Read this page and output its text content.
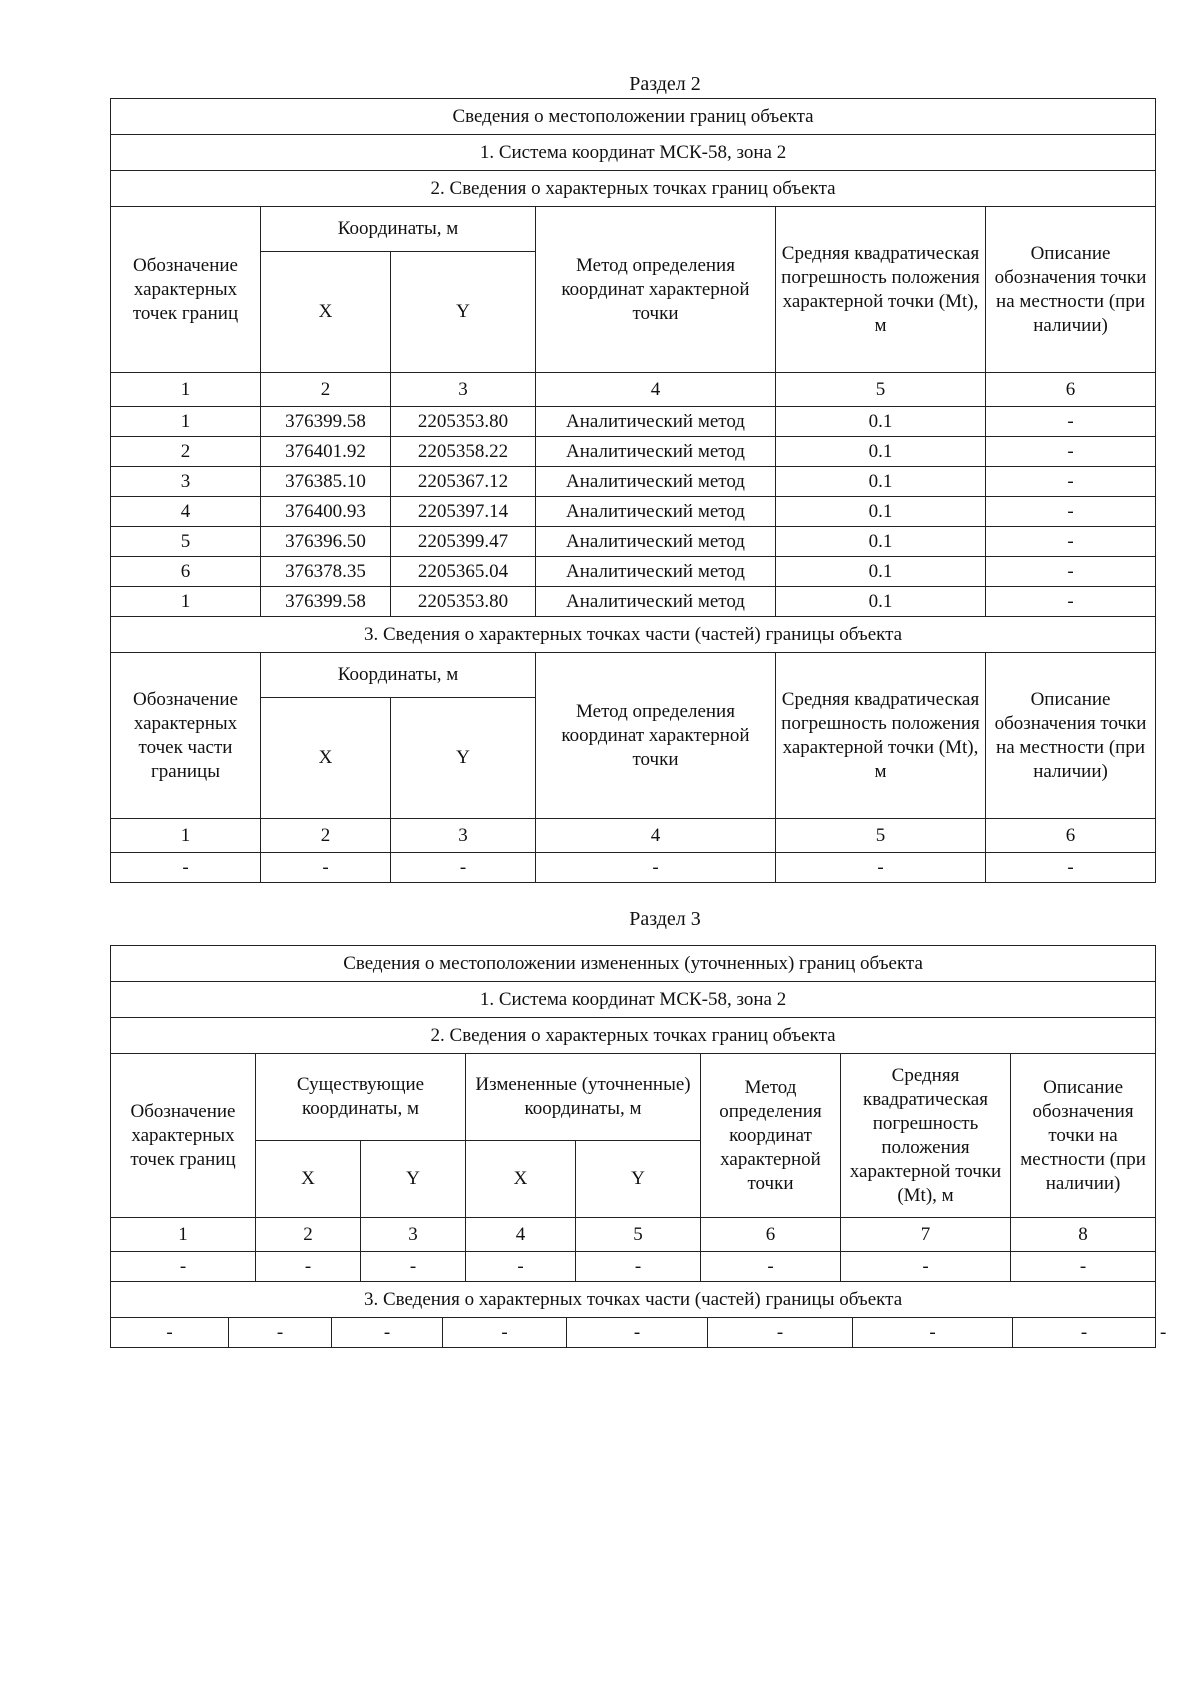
Раздел 2
Сведения о местоположении границ объекта					
1. Система координат МСК-58, зона 2					
2. Сведения о характерных точках границ объекта					
Обозначение характерных точек границ	Координаты, м		Метод определения координат характерной точки	Средняя квадратическая погрешность положения характерной точки (Mt), м	Описание обозначения точки на местности (при наличии)
	X	Y			
1	2	3	4	5	6
1	376399.58	2205353.80	Аналитический метод	0.1	-
2	376401.92	2205358.22	Аналитический метод	0.1	-
3	376385.10	2205367.12	Аналитический метод	0.1	-
4	376400.93	2205397.14	Аналитический метод	0.1	-
5	376396.50	2205399.47	Аналитический метод	0.1	-
6	376378.35	2205365.04	Аналитический метод	0.1	-
1	376399.58	2205353.80	Аналитический метод	0.1	-
3. Сведения о характерных точках части (частей) границы объекта					
Обозначение характерных точек части границы	Координаты, м		Метод определения координат характерной точки	Средняя квадратическая погрешность положения характерной точки (Mt), м	Описание обозначения точки на местности (при наличии)
	X	Y			
1	2	3	4	5	6
-	-	-	-	-	-
Раздел 3
Сведения о местоположении измененных (уточненных) границ объекта							
1. Система координат МСК-58, зона 2							
2. Сведения о характерных точках границ объекта							
Обозначение характерных точек границ	Существующие координаты, м		Измененные (уточненные) координаты, м		Метод определения координат характерной точки	Средняя квадратическая погрешность положения характерной точки (Mt), м	Описание обозначения точки на местности (при наличии)
	X	Y	X	Y			
1	2	3	4	5	6	7	8
-	-	-	-	-	-	-	-
3. Сведения о характерных точках части (частей) границы объекта							
-	-	-	-	-	-	-	-	-
